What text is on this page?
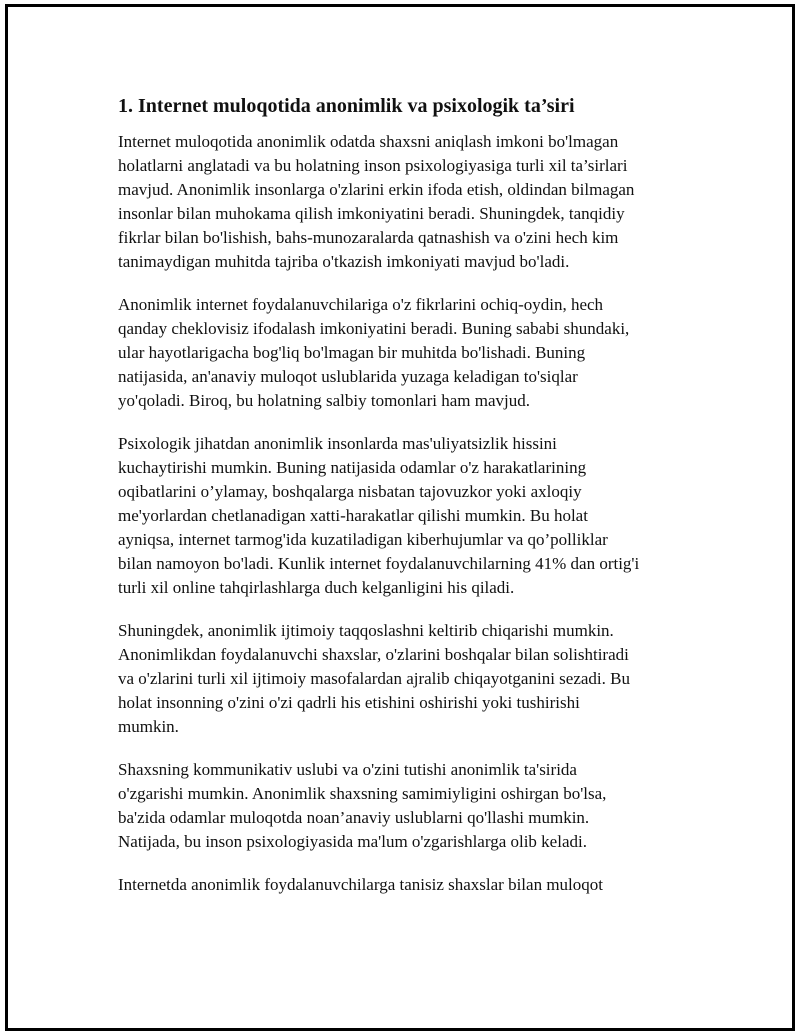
1. Internet muloqotida anonimlik va psixologik ta’siri

Internet muloqotida anonimlik odatda shaxsni aniqlash imkoni bo'lmagan
holatlarni anglatadi va bu holatning inson psixologiyasiga turli xil ta’sirlari
mavjud. Anonimlik insonlarga o'zlarini erkin ifoda etish, oldindan bilmagan
insonlar bilan muhokama qilish imkoniyatini beradi. Shuningdek, tanqidiy
fikrlar bilan bo'lishish, bahs-munozaralarda qatnashish va o'zini hech kim
tanimaydigan muhitda tajriba o'tkazish imkoniyati mavjud bo'ladi.

Anonimlik internet foydalanuvchilariga o'z fikrlarini ochiq-oydin, hech
qanday cheklovisiz ifodalash imkoniyatini beradi. Buning sababi shundaki,
ular hayotlarigacha bog'liq bo'lmagan bir muhitda bo'lishadi. Buning
natijasida, an'anaviy muloqot uslublarida yuzaga keladigan to'siqlar
yo'qoladi. Biroq, bu holatning salbiy tomonlari ham mavjud.

Psixologik jihatdan anonimlik insonlarda mas'uliyatsizlik hissini
kuchaytirishi mumkin. Buning natijasida odamlar o'z harakatlarining
oqibatlarini o’ylamay, boshqalarga nisbatan tajovuzkor yoki axloqiy
me'yorlardan chetlanadigan xatti-harakatlar qilishi mumkin. Bu holat
ayniqsa, internet tarmog'ida kuzatiladigan kiberhujumlar va qo’polliklar
bilan namoyon bo'ladi. Kunlik internet foydalanuvchilarning 41% dan ortig'i
turli xil online tahqirlashlarga duch kelganligini his qiladi.

Shuningdek, anonimlik ijtimoiy taqqoslashni keltirib chiqarishi mumkin.
Anonimlikdan foydalanuvchi shaxslar, o'zlarini boshqalar bilan solishtiradi
va o'zlarini turli xil ijtimoiy masofalardan ajralib chiqayotganini sezadi. Bu
holat insonning o'zini o'zi qadrli his etishini oshirishi yoki tushirishi
mumkin.

Shaxsning kommunikativ uslubi va o'zini tutishi anonimlik ta'sirida
o'zgarishi mumkin. Anonimlik shaxsning samimiyligini oshirgan bo'lsa,
ba'zida odamlar muloqotda noan’anaviy uslublarni qo'llashi mumkin.
Natijada, bu inson psixologiyasida ma'lum o'zgarishlarga olib keladi.

Internetda anonimlik foydalanuvchilarga tanisiz shaxslar bilan muloqot
